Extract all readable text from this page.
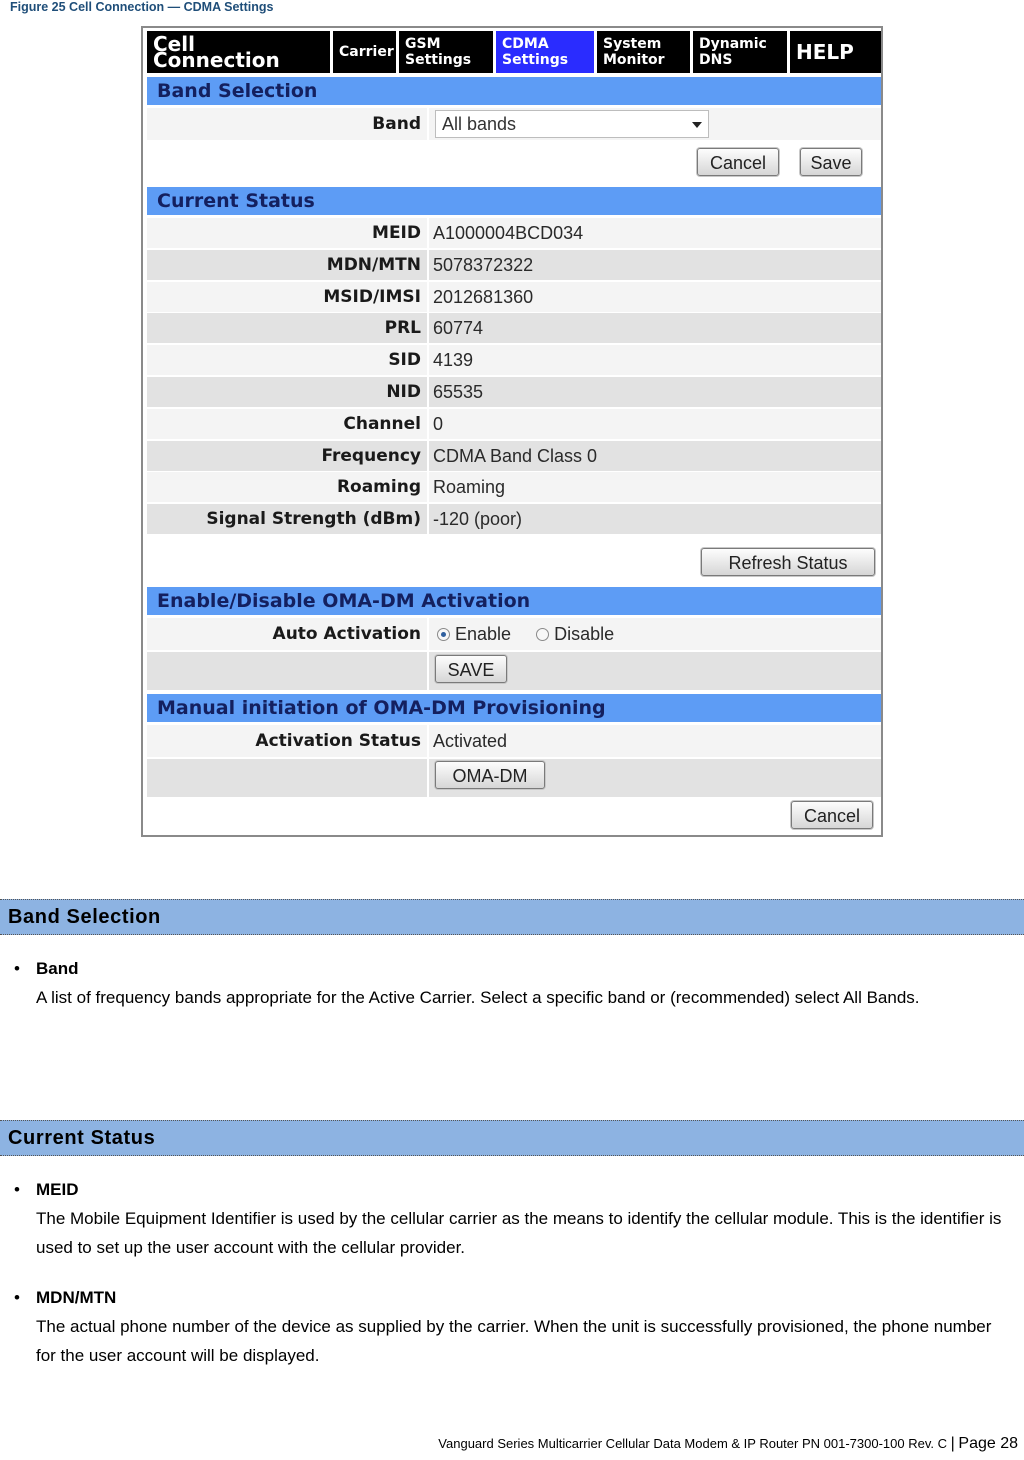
Figure 25 Cell Connection — CDMA Settings
Cell Connection	Carrier GSM
Settings
CDMA
Settings
System
Monitor
Dynamic
DNS	HELP
Band Selection
Band	All bands
Cancel	Save
Current Status
MEID A1000004BCD034
MDN/MTN 5078372322
MSID/IMSI 2012681360
PRL 60774
SID 4139
NID 65535
Channel 0
Frequency CDMA Band Class 0
Roaming Roaming
Signal Strength (dBm) -120 (poor)
Refresh Status
Enable/Disable OMA-DM Activation
Auto Activation	Enable Disable
SAVE
Manual initiation of OMA-DM Provisioning
Activation Status Activated
OMA-DM
Cancel
Band Selection
• Band
A list of frequency bands appropriate for the Active Carrier. Select a specific band or (recommended) select All Bands.
Current Status
• MEID
The Mobile Equipment Identifier is used by the cellular carrier as the means to identify the cellular module. This is the identifier is used to set up the user account with the cellular provider.
• MDN/MTN
The actual phone number of the device as supplied by the carrier. When the unit is successfully provisioned, the phone number for the user account will be displayed.
Vanguard Series Multicarrier Cellular Data Modem & IP Router PN 001-7300-100 Rev. C | Page 28
